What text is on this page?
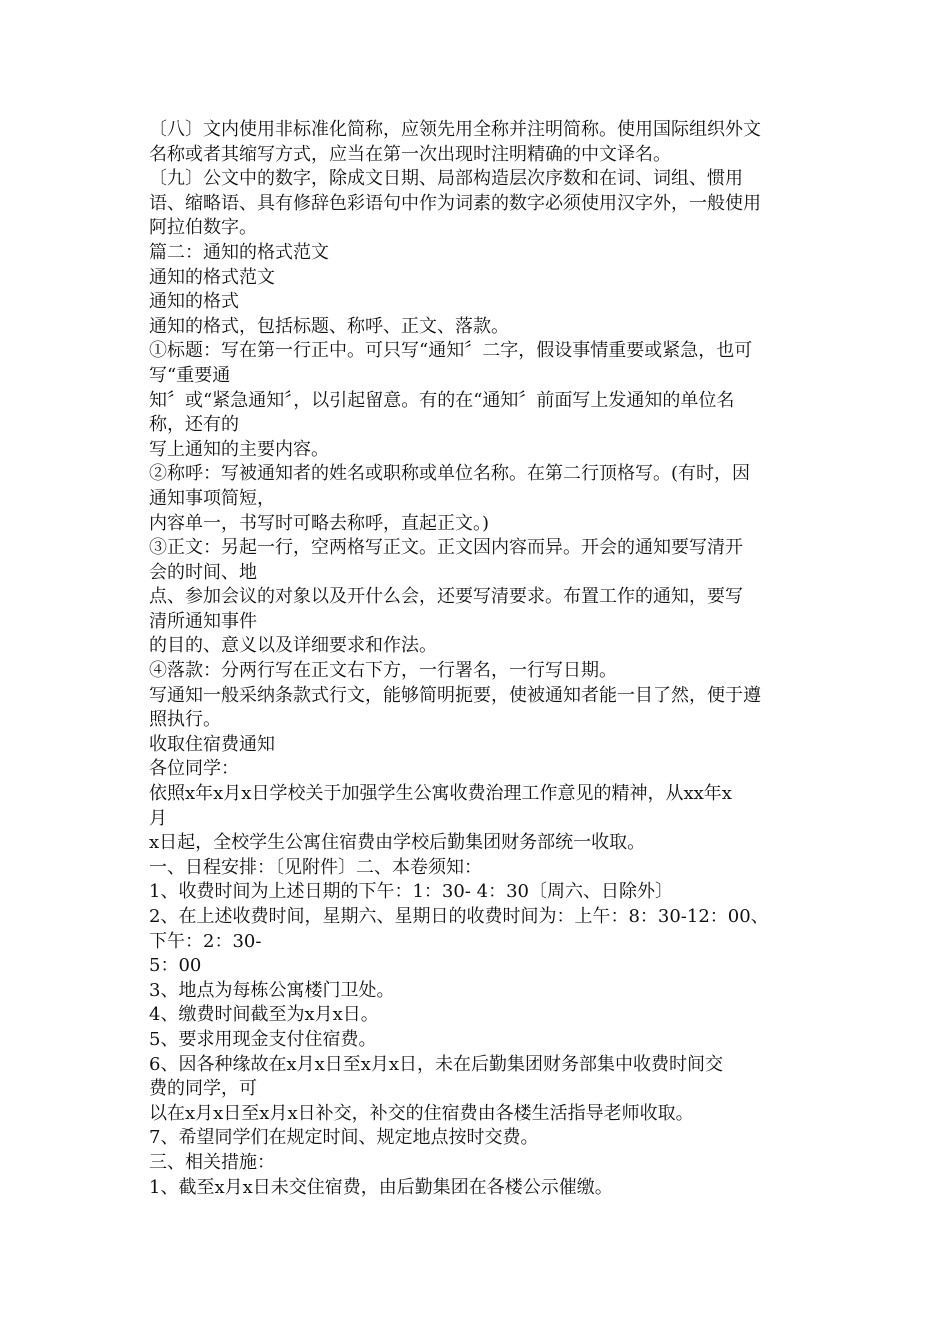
〔八〕文内使用非标准化简称，应领先用全称并注明简称。使用国际组织外文
名称或者其缩写方式，应当在第一次出现时注明精确的中文译名。
〔九〕公文中的数字，除成文日期、局部构造层次序数和在词、词组、惯用
语、缩略语、具有修辞色彩语句中作为词素的数字必须使用汉字外，一般使用
阿拉伯数字。
篇二：通知的格式范文
通知的格式范文
通知的格式
通知的格式，包括标题、称呼、正文、落款。
①标题：写在第一行正中。可只写“通知〞二字，假设事情重要或紧急，也可
写“重要通
知〞或“紧急通知〞，以引起留意。有的在“通知〞前面写上发通知的单位名
称，还有的
写上通知的主要内容。
②称呼：写被通知者的姓名或职称或单位名称。在第二行顶格写。(有时，因
通知事项简短，
内容单一，书写时可略去称呼，直起正文。)
③正文：另起一行，空两格写正文。正文因内容而异。开会的通知要写清开
会的时间、地
点、参加会议的对象以及开什么会，还要写清要求。布置工作的通知，要写
清所通知事件
的目的、意义以及详细要求和作法。
④落款：分两行写在正文右下方，一行署名，一行写日期。
写通知一般采纳条款式行文，能够简明扼要，使被通知者能一目了然，便于遵
照执行。
收取住宿费通知
各位同学：
依照x年x月x日学校关于加强学生公寓收费治理工作意见的精神，从xx年x
月
x日起，全校学生公寓住宿费由学校后勤集团财务部统一收取。
一、日程安排：〔见附件〕二、本卷须知：
1、收费时间为上述日期的下午：1：30- 4：30〔周六、日除外〕
2、在上述收费时间，星期六、星期日的收费时间为：上午：8：30-12：00、
下午：2：30-
5：00
3、地点为每栋公寓楼门卫处。
4、缴费时间截至为x月x日。
5、要求用现金支付住宿费。
6、因各种缘故在x月x日至x月x日，未在后勤集团财务部集中收费时间交
费的同学，可
以在x月x日至x月x日补交，补交的住宿费由各楼生活指导老师收取。
7、希望同学们在规定时间、规定地点按时交费。
三、相关措施：
1、截至x月x日未交住宿费，由后勤集团在各楼公示催缴。
